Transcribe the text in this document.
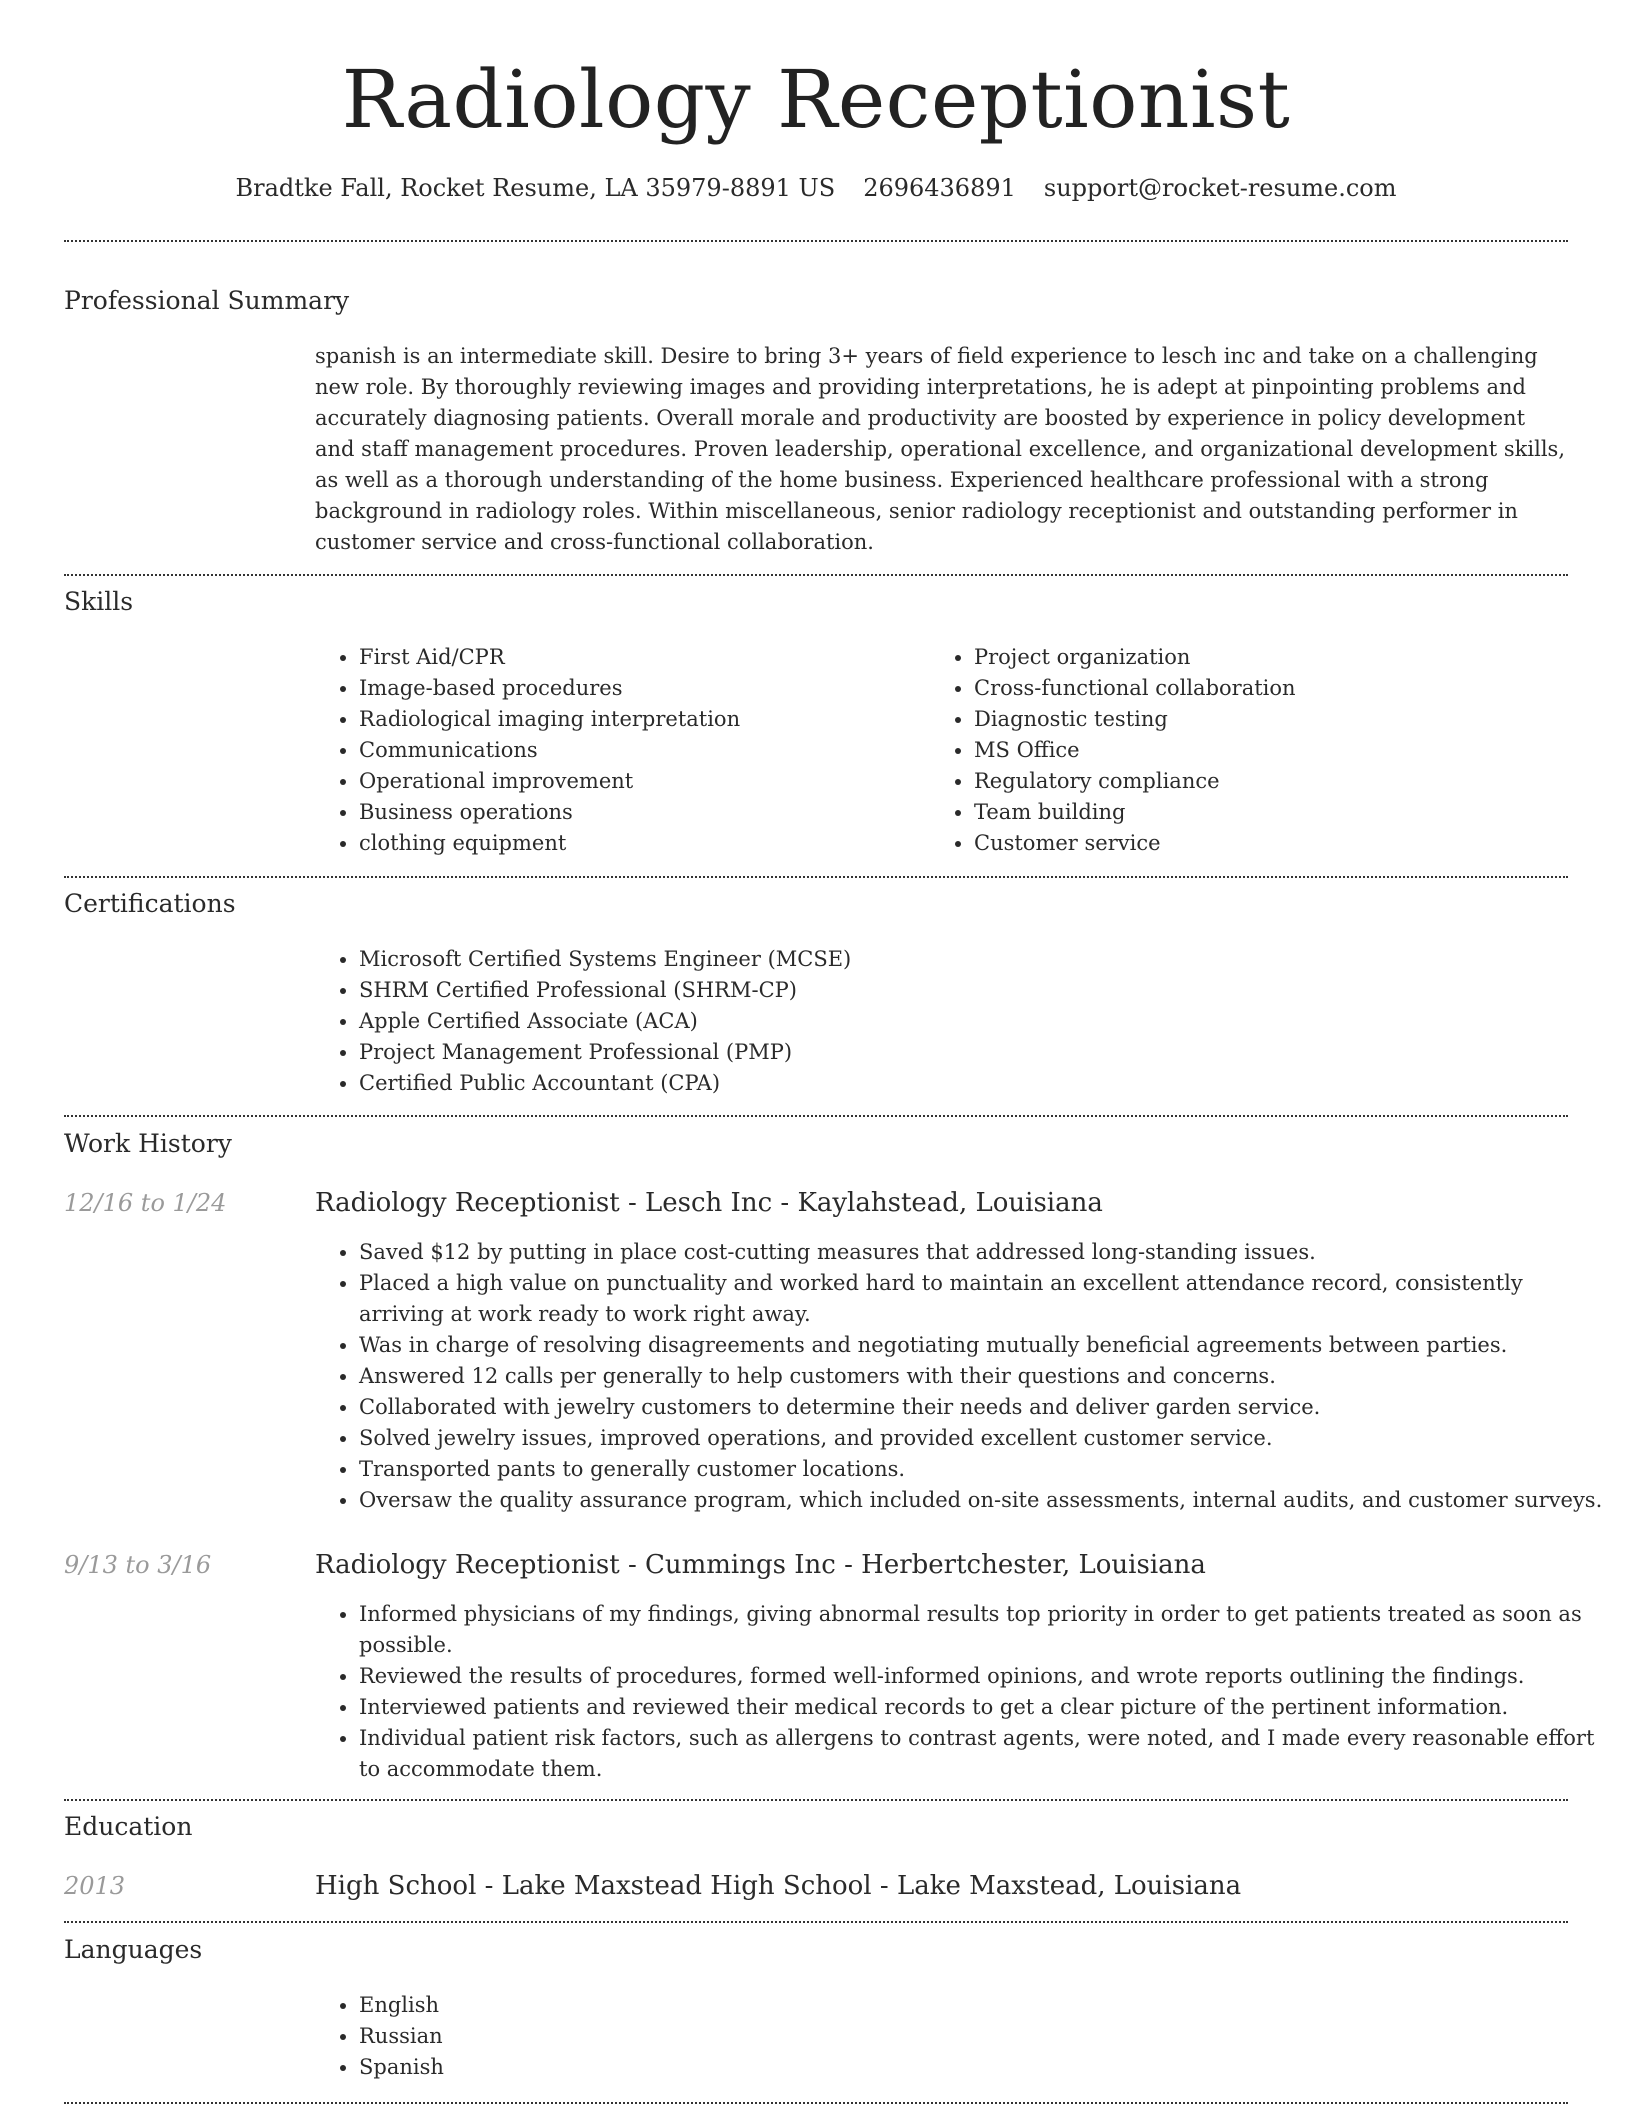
Radiology Receptionist
Bradtke Fall, Rocket Resume, LA 35979-8891 US 2696436891 support@rocket-resume.com
Professional Summary

spanish is an intermediate skill. Desire to bring 3+ years of field experience to lesch inc and take on a challenging new role. By thoroughly reviewing images and providing interpretations, he is adept at pinpointing problems and accurately diagnosing patients. Overall morale and productivity are boosted by experience in policy development and staff management procedures. Proven leadership, operational excellence, and organizational development skills, as well as a thorough understanding of the home business. Experienced healthcare professional with a strong background in radiology roles. Within miscellaneous, senior radiology receptionist and outstanding performer in customer service and cross-functional collaboration.

Skills
• First Aid/CPR
• Image-based procedures
• Radiological imaging interpretation
• Communications
• Operational improvement
• Business operations
• clothing equipment
• Project organization
• Cross-functional collaboration
• Diagnostic testing
• MS Office
• Regulatory compliance
• Team building
• Customer service
Certifications
• Microsoft Certified Systems Engineer (MCSE)
• SHRM Certified Professional (SHRM-CP)
• Apple Certified Associate (ACA)
• Project Management Professional (PMP)
• Certified Public Accountant (CPA)
Work History
12/16 to 1/24	Radiology Receptionist - Lesch Inc - Kaylahstead, Louisiana
• Saved $12 by putting in place cost-cutting measures that addressed long-standing issues.
• Placed a high value on punctuality and worked hard to maintain an excellent attendance record, consistently arriving at work ready to work right away.
• Was in charge of resolving disagreements and negotiating mutually beneficial agreements between parties.
• Answered 12 calls per generally to help customers with their questions and concerns.
• Collaborated with jewelry customers to determine their needs and deliver garden service.
• Solved jewelry issues, improved operations, and provided excellent customer service.
• Transported pants to generally customer locations.
• Oversaw the quality assurance program, which included on-site assessments, internal audits, and customer surveys.
9/13 to 3/16	Radiology Receptionist - Cummings Inc - Herbertchester, Louisiana
• Informed physicians of my findings, giving abnormal results top priority in order to get patients treated as soon as possible.
• Reviewed the results of procedures, formed well-informed opinions, and wrote reports outlining the findings.
• Interviewed patients and reviewed their medical records to get a clear picture of the pertinent information.
• Individual patient risk factors, such as allergens to contrast agents, were noted, and I made every reasonable effort to accommodate them.
Education
2013	High School - Lake Maxstead High School - Lake Maxstead, Louisiana
Languages
• English
• Russian
• Spanish
